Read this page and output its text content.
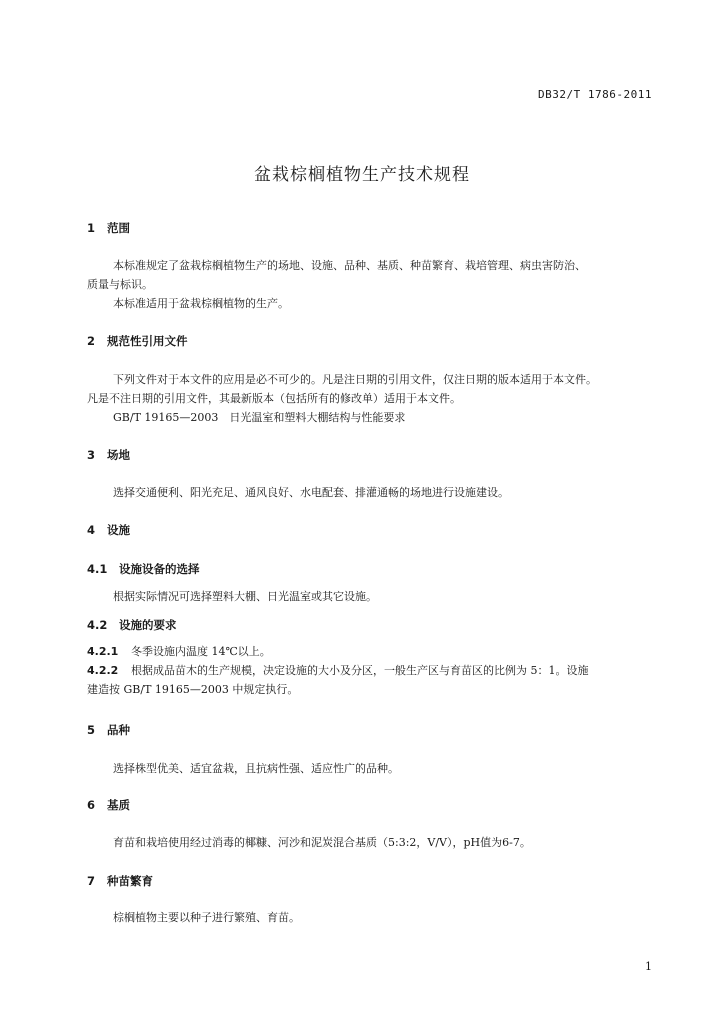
DB32/T 1786-2011
盆栽棕榈植物生产技术规程
1 范围
本标准规定了盆栽棕榈植物生产的场地、设施、品种、基质、种苗繁育、栽培管理、病虫害防治、
质量与标识。
本标准适用于盆栽棕榈植物的生产。
2 规范性引用文件
下列文件对于本文件的应用是必不可少的。凡是注日期的引用文件，仅注日期的版本适用于本文件。
凡是不注日期的引用文件，其最新版本（包括所有的修改单）适用于本文件。
GB/T 19165—2003　日光温室和塑料大棚结构与性能要求
3 场地
选择交通便利、阳光充足、通风良好、水电配套、排灌通畅的场地进行设施建设。
4 设施
4.1 设施设备的选择
根据实际情况可选择塑料大棚、日光温室或其它设施。
4.2 设施的要求
4.2.1 冬季设施内温度 14℃以上。
4.2.2 根据成品苗木的生产规模，决定设施的大小及分区，一般生产区与育苗区的比例为 5：1。设施
建造按 GB/T 19165—2003 中规定执行。
5 品种
选择株型优美、适宜盆栽，且抗病性强、适应性广的品种。
6 基质
育苗和栽培使用经过消毒的椰糠、河沙和泥炭混合基质（5:3:2，V/V），pH值为6-7。
7 种苗繁育
棕榈植物主要以种子进行繁殖、育苗。
1
